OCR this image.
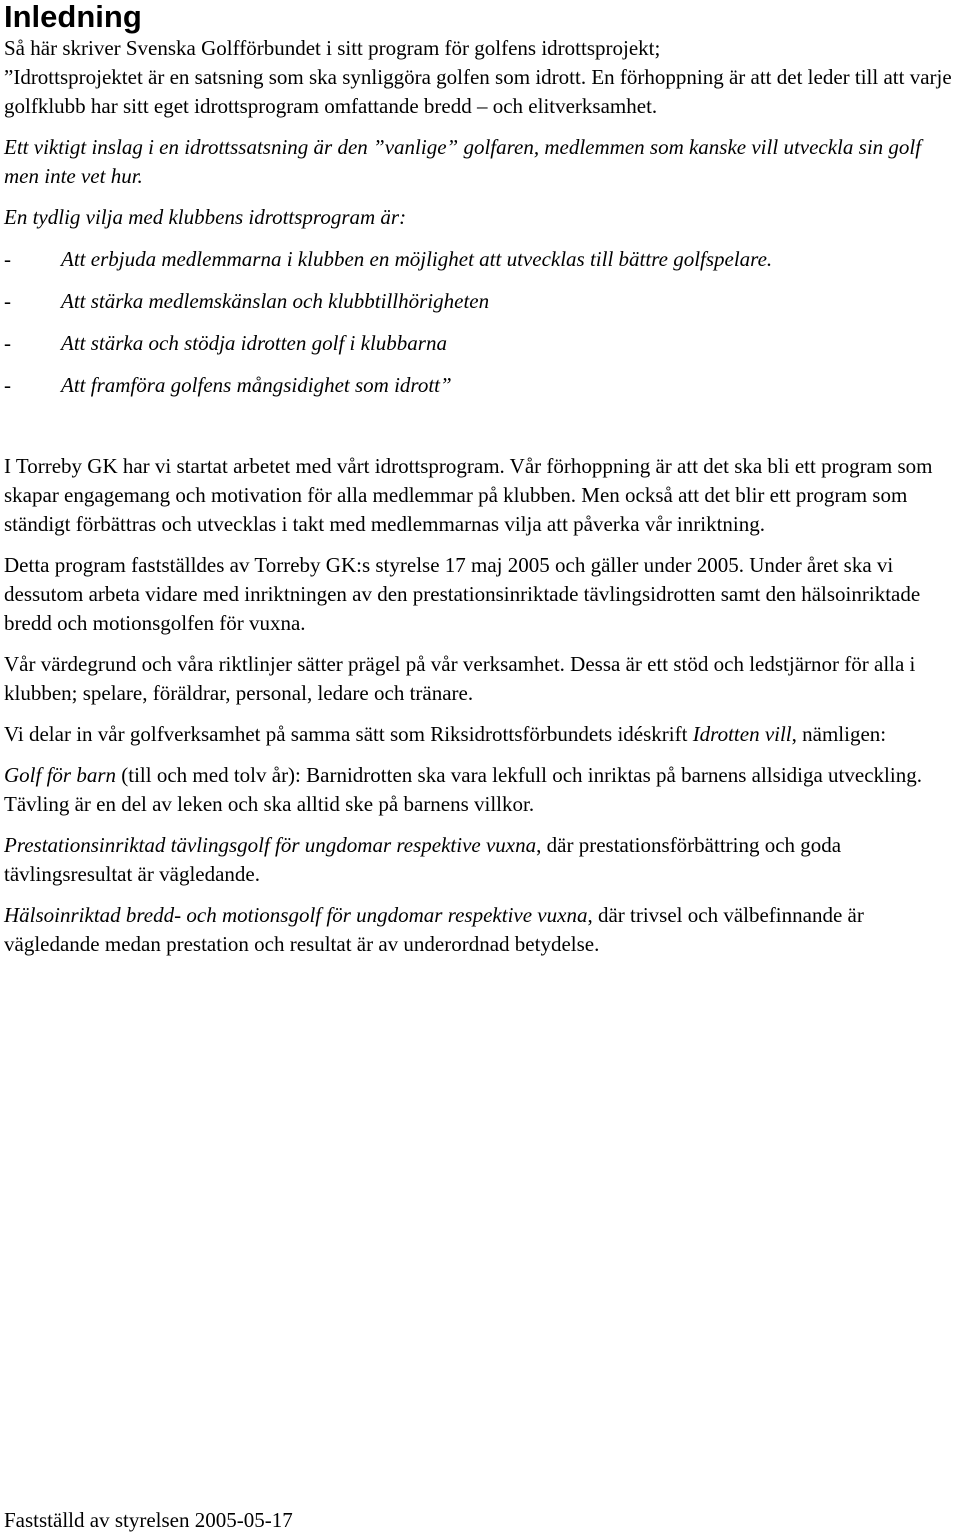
Inledning

Så här skriver Svenska Golfförbundet i sitt program för golfens idrottsprojekt;

”Idrottsprojektet är en satsning som ska synliggöra golfen som idrott. En förhoppning är att det leder till att varje golfklubb har sitt eget idrottsprogram omfattande bredd – och elitverksamhet.

Ett viktigt inslag i en idrottssatsning är den ”vanlige” golfaren, medlemmen som kanske vill utveckla sin golf men inte vet hur.

En tydlig vilja med klubbens idrottsprogram är:

-	Att erbjuda medlemmarna i klubben en möjlighet att utvecklas till bättre golfspelare.
-	Att stärka medlemskänslan och klubbtillhörigheten
-	Att stärka och stödja idrotten golf i klubbarna
-	Att framföra golfens mångsidighet som idrott”

I Torreby GK har vi startat arbetet med vårt idrottsprogram. Vår förhoppning är att det ska bli ett program som skapar engagemang och motivation för alla medlemmar på klubben. Men också att det blir ett program som ständigt förbättras och utvecklas i takt med medlemmarnas vilja att påverka vår inriktning.

Detta program fastställdes av Torreby GK:s styrelse 17 maj 2005 och gäller under 2005. Under året ska vi dessutom arbeta vidare med inriktningen av den prestationsinriktade tävlingsidrotten samt den hälsoinriktade bredd och motionsgolfen för vuxna.

Vår värdegrund och våra riktlinjer sätter prägel på vår verksamhet. Dessa är ett stöd och ledstjärnor för alla i klubben; spelare, föräldrar, personal, ledare och tränare.

Vi delar in vår golfverksamhet på samma sätt som Riksidrottsförbundets idéskrift Idrotten vill, nämligen:

Golf för barn (till och med tolv år): Barnidrotten ska vara lekfull och inriktas på barnens allsidiga utveckling. Tävling är en del av leken och ska alltid ske på barnens villkor.

Prestationsinriktad tävlingsgolf för ungdomar respektive vuxna, där prestationsförbättring och goda tävlingsresultat är vägledande.

Hälsoinriktad bredd- och motionsgolf för ungdomar respektive vuxna, där trivsel och välbefinnande är vägledande medan prestation och resultat är av underordnad betydelse.

Fastställd av styrelsen 2005-05-17
